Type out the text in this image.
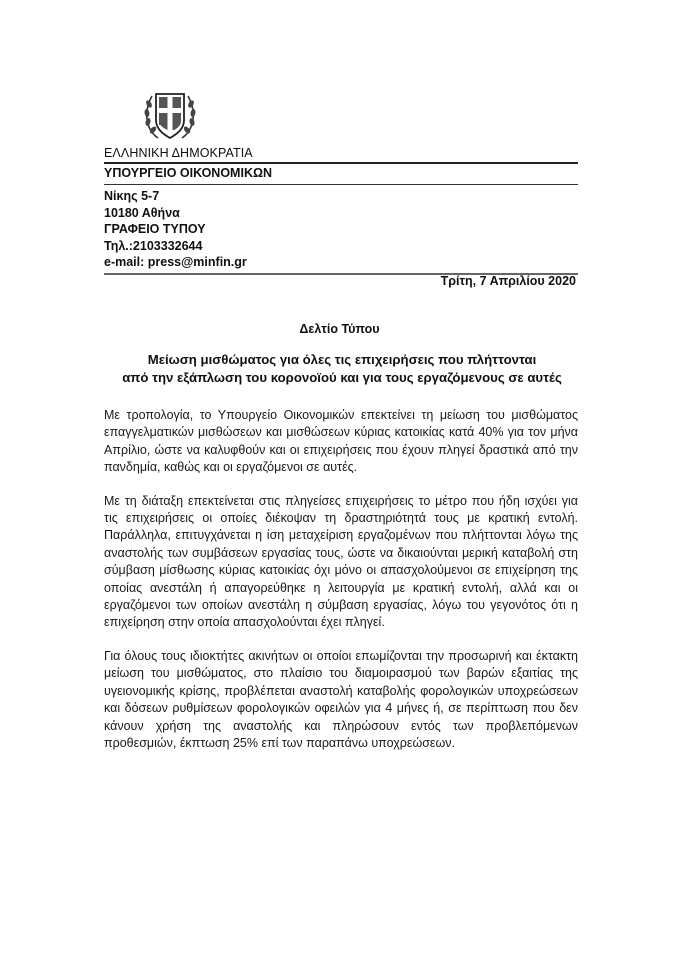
ΕΛΛΗΝΙΚΗ ΔΗΜΟΚΡΑΤΙΑ
ΥΠΟΥΡΓΕΙΟ ΟΙΚΟΝΟΜΙΚΩΝ
Νίκης 5-7
10180 Αθήνα
ΓΡΑΦΕΙΟ ΤΥΠΟΥ
Τηλ.:2103332644
e-mail: press@minfin.gr
Τρίτη, 7 Απριλίου 2020
Δελτίο Τύπου
Μείωση μισθώματος για όλες τις επιχειρήσεις που πλήττονται
από την εξάπλωση του κορονοϊού και για τους εργαζόμενους σε αυτές

Με τροπολογία, το Υπουργείο Οικονομικών επεκτείνει τη μείωση του μισθώματος επαγγελματικών μισθώσεων και μισθώσεων κύριας κατοικίας κατά 40% για τον μήνα Απρίλιο, ώστε να καλυφθούν και οι επιχειρήσεις που έχουν πληγεί δραστικά από την πανδημία, καθώς και οι εργαζόμενοι σε αυτές.

Με τη διάταξη επεκτείνεται στις πληγείσες επιχειρήσεις το μέτρο που ήδη ισχύει για τις επιχειρήσεις οι οποίες διέκοψαν τη δραστηριότητά τους με κρατική εντολή. Παράλληλα, επιτυγχάνεται η ίση μεταχείριση εργαζομένων που πλήττονται λόγω της αναστολής των συμβάσεων εργασίας τους, ώστε να δικαιούνται μερική καταβολή στη σύμβαση μίσθωσης κύριας κατοικίας όχι μόνο οι απασχολούμενοι σε επιχείρηση της οποίας ανεστάλη ή απαγορεύθηκε η λειτουργία με κρατική εντολή, αλλά και οι εργαζόμενοι των οποίων ανεστάλη η σύμβαση εργασίας, λόγω του γεγονότος ότι η επιχείρηση στην οποία απασχολούνται έχει πληγεί.

Για όλους τους ιδιοκτήτες ακινήτων οι οποίοι επωμίζονται την προσωρινή και έκτακτη μείωση του μισθώματος, στο πλαίσιο του διαμοιρασμού των βαρών εξαιτίας της υγειονομικής κρίσης, προβλέπεται αναστολή καταβολής φορολογικών υποχρεώσεων και δόσεων ρυθμίσεων φορολογικών οφειλών για 4 μήνες ή, σε περίπτωση που δεν κάνουν χρήση της αναστολής και πληρώσουν εντός των προβλεπόμενων προθεσμιών, έκπτωση 25% επί των παραπάνω υποχρεώσεων.
